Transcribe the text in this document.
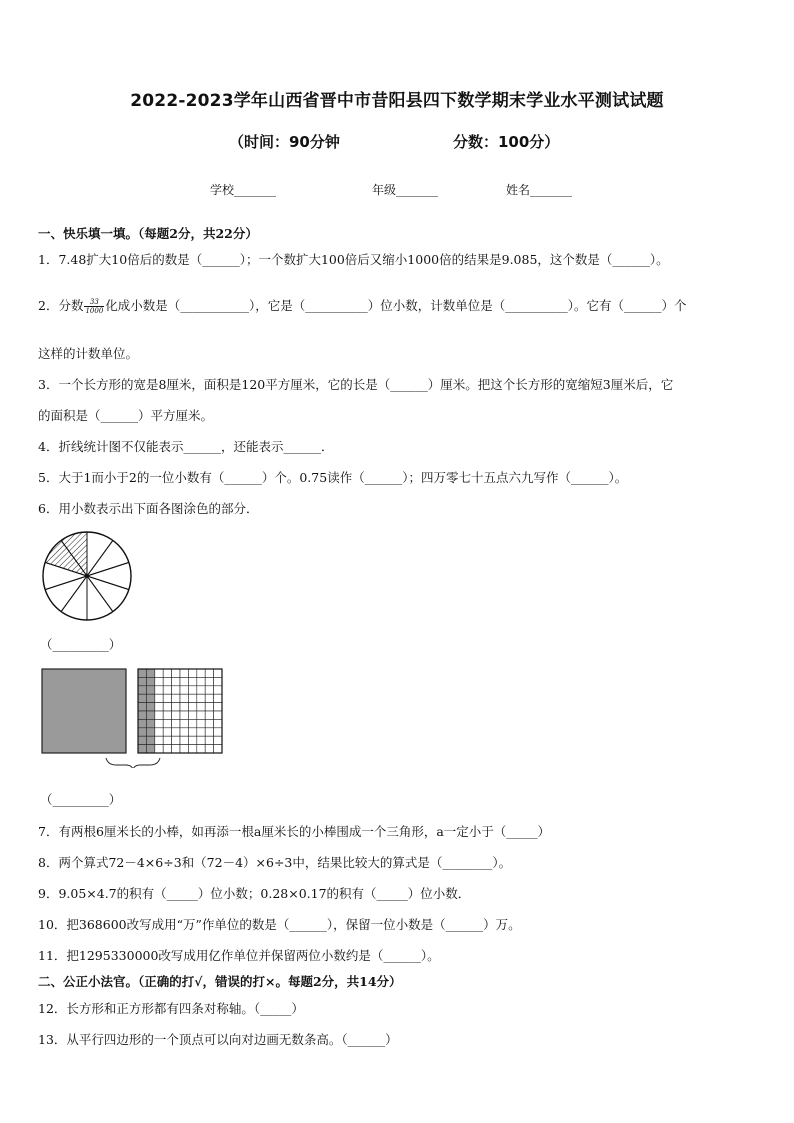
2022-2023学年山西省晋中市昔阳县四下数学期末学业水平测试试题
（时间：90分钟	分数：100分）
学校_______	年级_______	姓名_______
一、快乐填一填。（每题2分，共22分）
1．7.48扩大10倍后的数是（______）；一个数扩大100倍后又缩小1000倍的结果是9.085，这个数是（______）。
2．分数 $\frac{33}{1000}$ 化成小数是（___________），它是（__________）位小数，计数单位是（__________）。它有（______）个
这样的计数单位。
3．一个长方形的宽是8厘米，面积是120平方厘米，它的长是（______）厘米。把这个长方形的宽缩短3厘米后，它
的面积是（______）平方厘米。
4．折线统计图不仅能表示______，还能表示______．
5．大于1而小于2的一位小数有（______）个。0.75读作（______）；四万零七十五点六九写作（______）。
6．用小数表示出下面各图涂色的部分．
（_________）
（_________）
7．有两根6厘米长的小棒，如再添一根a厘米长的小棒围成一个三角形，a一定小于（_____）
8．两个算式72－4×6÷3和（72－4）×6÷3中，结果比较大的算式是（________）。
9．9.05×4.7的积有（_____）位小数；0.28×0.17的积有（_____）位小数．
10．把368600改写成用“万”作单位的数是（______），保留一位小数是（______）万。
11．把1295330000改写成用亿作单位并保留两位小数约是（______）。
二、公正小法官。（正确的打√，错误的打×。每题2分，共14分）
12．长方形和正方形都有四条对称轴。（_____）
13．从平行四边形的一个顶点可以向对边画无数条高。（______）
